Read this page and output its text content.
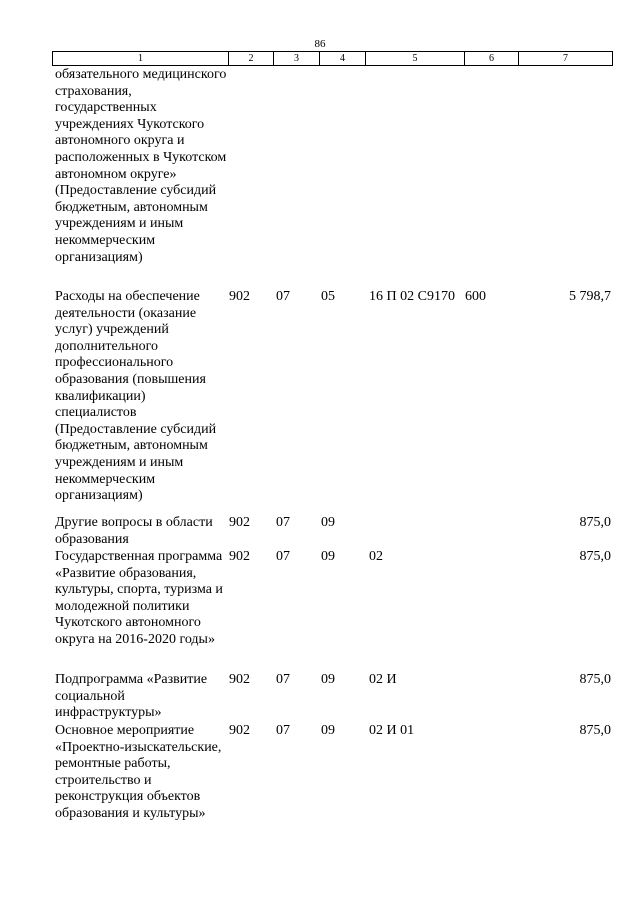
86
1	2	3	4	5	6	7
обязательного медицинского страхования, государственных учреждениях Чукотского автономного округа и расположенных в Чукотском автономном округе» (Предоставление субсидий бюджетным, автономным учреждениям и иным некоммерческим организациям)						
Расходы на обеспечение деятельности (оказание услуг) учреждений дополнительного профессионального образования (повышения квалификации) специалистов (Предоставление субсидий бюджетным, автономным учреждениям и иным некоммерческим организациям)	902	07	05	16 П 02 С9170	600	5 798,7
Другие вопросы в области образования	902	07	09			875,0
Государственная программа «Развитие образования, культуры, спорта, туризма и молодежной политики Чукотского автономного округа на 2016-2020 годы»	902	07	09	02		875,0
Подпрограмма «Развитие социальной инфраструктуры»	902	07	09	02 И		875,0
Основное мероприятие «Проектно-изыскательские, ремонтные работы, строительство и реконструкция объектов образования и культуры»	902	07	09	02 И 01		875,0
